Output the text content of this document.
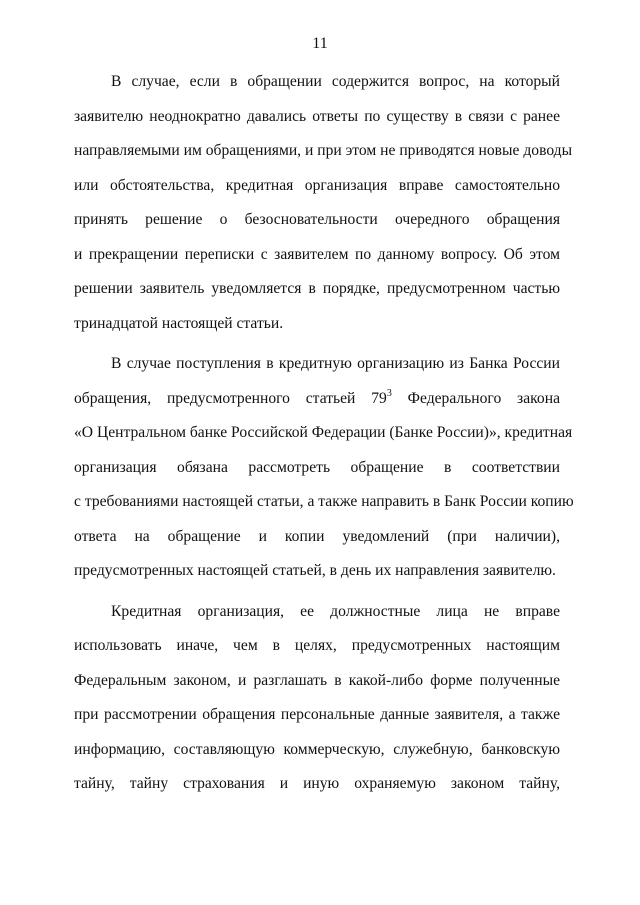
11
В случае, если в обращении содержится вопрос, на который
заявителю неоднократно давались ответы по существу в связи с ранее
направляемыми им обращениями, и при этом не приводятся новые доводы
или обстоятельства, кредитная организация вправе самостоятельно
принять решение о безосновательности очередного обращения
и прекращении переписки с заявителем по данному вопросу. Об этом
решении заявитель уведомляется в порядке, предусмотренном частью
тринадцатой настоящей статьи.
В случае поступления в кредитную организацию из Банка России
обращения, предусмотренного статьей $79^3$ Федерального закона
«О Центральном банке Российской Федерации (Банке России)», кредитная
организация обязана рассмотреть обращение в соответствии
с требованиями настоящей статьи, а также направить в Банк России копию
ответа на обращение и копии уведомлений (при наличии),
предусмотренных настоящей статьей, в день их направления заявителю.
Кредитная организация, ее должностные лица не вправе
использовать иначе, чем в целях, предусмотренных настоящим
Федеральным законом, и разглашать в какой-либо форме полученные
при рассмотрении обращения персональные данные заявителя, а также
информацию, составляющую коммерческую, служебную, банковскую
тайну, тайну страхования и иную охраняемую законом тайну,
